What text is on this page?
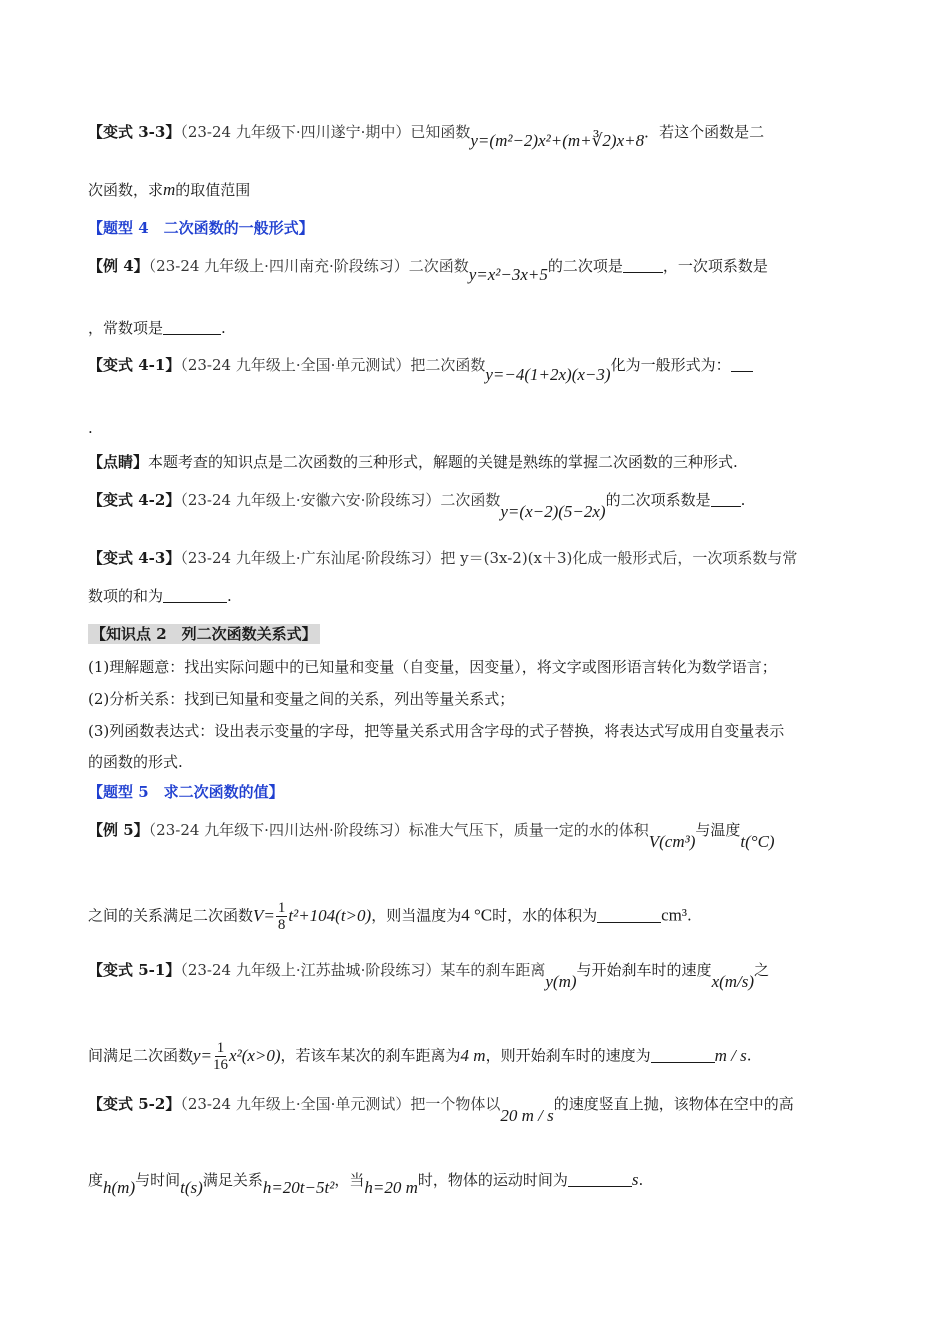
【变式 3-3】（23-24 九年级下·四川遂宁·期中）已知函数y=(m²−2)x²+(m+∛2)x+8．若这个函数是二
次函数，求m的取值范围
【题型 4　二次函数的一般形式】
【例 4】（23-24 九年级上·四川南充·阶段练习）二次函数y=x²−3x+5的二次项是	，一次项系数是
，常数项是	.
【变式 4-1】（23-24 九年级上·全国·单元测试）把二次函数y=−4(1+2x)(x−3)化为一般形式为：
.
【点睛】本题考查的知识点是二次函数的三种形式，解题的关键是熟练的掌握二次函数的三种形式.
【变式 4-2】（23-24 九年级上·安徽六安·阶段练习）二次函数y=(x−2)(5−2x)的二次项系数是 .
【变式 4-3】（23-24 九年级上·广东汕尾·阶段练习）把 y＝(3x-2)(x＋3)化成一般形式后，一次项系数与常
数项的和为	.
【知识点 2　列二次函数关系式】
(1)理解题意：找出实际问题中的已知量和变量（自变量，因变量），将文字或图形语言转化为数学语言；
(2)分析关系：找到已知量和变量之间的关系，列出等量关系式；
(3)列函数表达式：设出表示变量的字母，把等量关系式用含字母的式子替换，将表达式写成用自变量表示
的函数的形式.
【题型 5　求二次函数的值】
【例 5】（23-24 九年级下·四川达州·阶段练习）标准大气压下，质量一定的水的体积V(cm³)与温度t(°C)
之间的关系满足二次函数$V= \frac{1}{8} t^2+104(t>0)$，则当温度为4 °C时，水的体积为	cm³.
【变式 5-1】（23-24 九年级上·江苏盐城·阶段练习）某车的刹车距离y(m)与开始刹车时的速度x(m/s)之
间满足二次函数$y= \frac{1}{16} x^2(x>0)$，若该车某次的刹车距离为4 m，则开始刹车时的速度为	m / s.
【变式 5-2】（23-24 九年级上·全国·单元测试）把一个物体以20 m / s的速度竖直上抛，该物体在空中的高
度h(m)与时间t(s)满足关系h=20t−5t²，当h=20 m时，物体的运动时间为	s.
